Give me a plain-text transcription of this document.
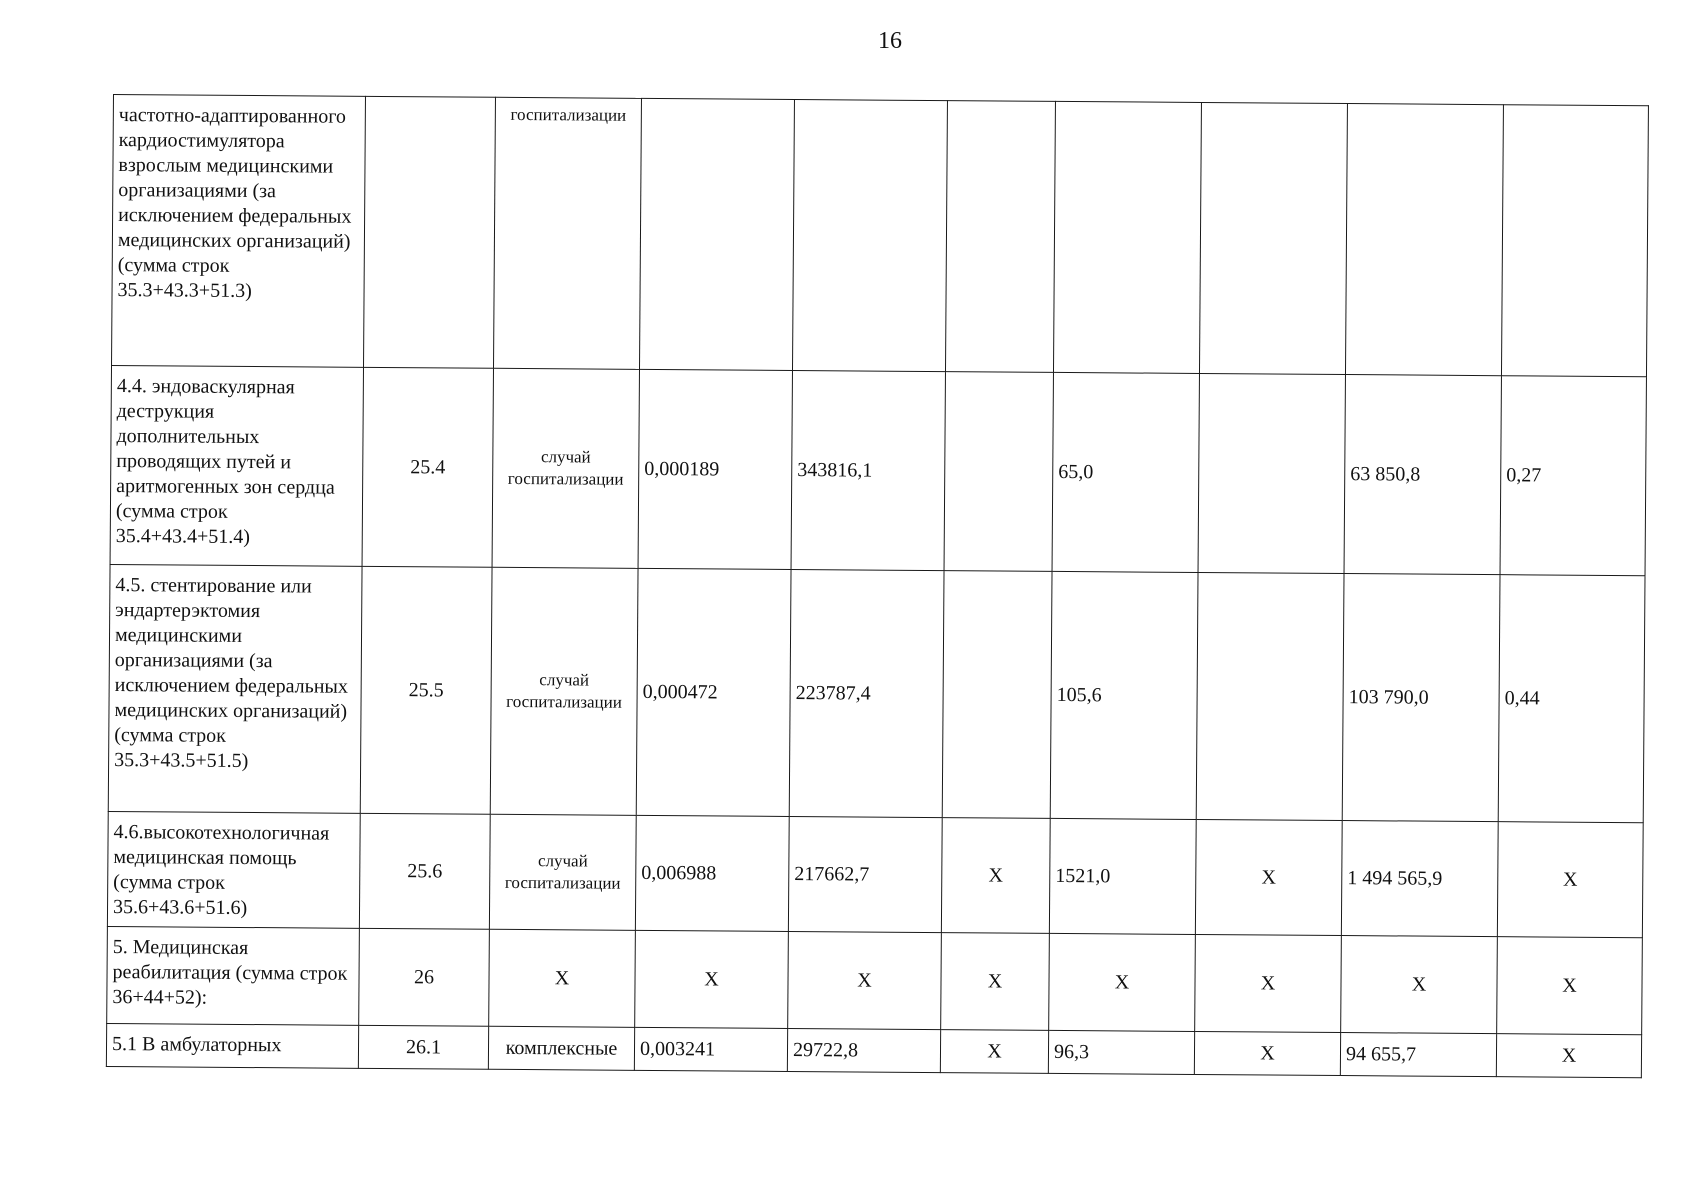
16
частотно-адаптированного кардиостимулятора взрослым медицинскими организациями (за исключением федеральных медицинских организаций) (сумма строк 35.3+43.3+51.3)		госпитализации							
4.4. эндоваскулярная деструкция дополнительных проводящих путей и аритмогенных зон сердца (сумма строк 35.4+43.4+51.4)	25.4	случай госпитализации	0,000189	343816,1		65,0		63 850,8	0,27
4.5. стентирование или эндартерэктомия медицинскими организациями (за исключением федеральных медицинских организаций) (сумма строк 35.3+43.5+51.5)	25.5	случай госпитализации	0,000472	223787,4		105,6		103 790,0	0,44
4.6.высокотехнологичная медицинская помощь (сумма строк 35.6+43.6+51.6)	25.6	случай госпитализации	0,006988	217662,7	X	1521,0	X	1 494 565,9	X
5. Медицинская реабилитация (сумма строк 36+44+52):	26	X	X	X	X	X	X	X	X
5.1 В амбулаторных	26.1	комплексные	0,003241	29722,8	X	96,3	X	94 655,7	X
